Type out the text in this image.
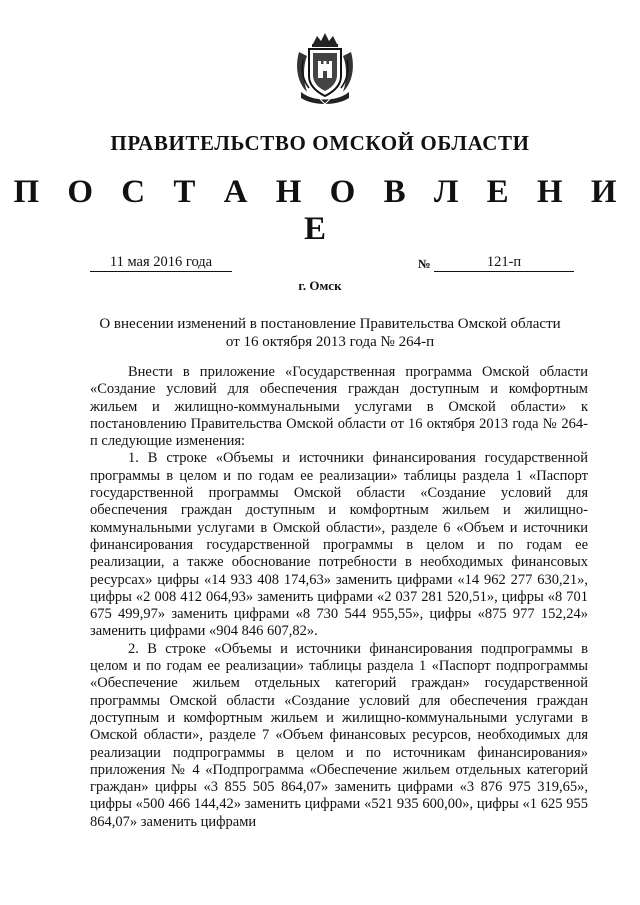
ПРАВИТЕЛЬСТВО ОМСКОЙ ОБЛАСТИ
П О С Т А Н О В Л Е Н И Е
11 мая 2016 года	№	121-п
г. Омск
О внесении изменений в постановление Правительства Омской области
от 16 октября 2013 года № 264-п

Внести в приложение «Государственная программа Омской области «Создание условий для обеспечения граждан доступным и комфортным жильем и жилищно-коммунальными услугами в Омской области» к постановлению Правительства Омской области от 16 октября 2013 года № 264-п следующие изменения:

1. В строке «Объемы и источники финансирования государственной программы в целом и по годам ее реализации» таблицы раздела 1 «Паспорт государственной программы Омской области «Создание условий для обеспечения граждан доступным и комфортным жильем и жилищно-коммунальными услугами в Омской области», разделе 6 «Объем и источники финансирования государственной программы в целом и по годам ее реализации, а также обоснование потребности в необходимых финансовых ресурсах» цифры «14 933 408 174,63» заменить цифрами «14 962 277 630,21», цифры «2 008 412 064,93» заменить цифрами «2 037 281 520,51», цифры «8 701 675 499,97» заменить цифрами «8 730 544 955,55», цифры «875 977 152,24» заменить цифрами «904 846 607,82».

2. В строке «Объемы и источники финансирования подпрограммы в целом и по годам ее реализации» таблицы раздела 1 «Паспорт подпрограммы «Обеспечение жильем отдельных категорий граждан» государственной программы Омской области «Создание условий для обеспечения граждан доступным и комфортным жильем и жилищно-коммунальными услугами в Омской области», разделе 7 «Объем финансовых ресурсов, необходимых для реализации подпрограммы в целом и по источникам финансирования» приложения № 4 «Подпрограмма «Обеспечение жильем отдельных категорий граждан» цифры «3 855 505 864,07» заменить цифрами «3 876 975 319,65», цифры «500 466 144,42» заменить цифрами «521 935 600,00», цифры «1 625 955 864,07» заменить цифрами
